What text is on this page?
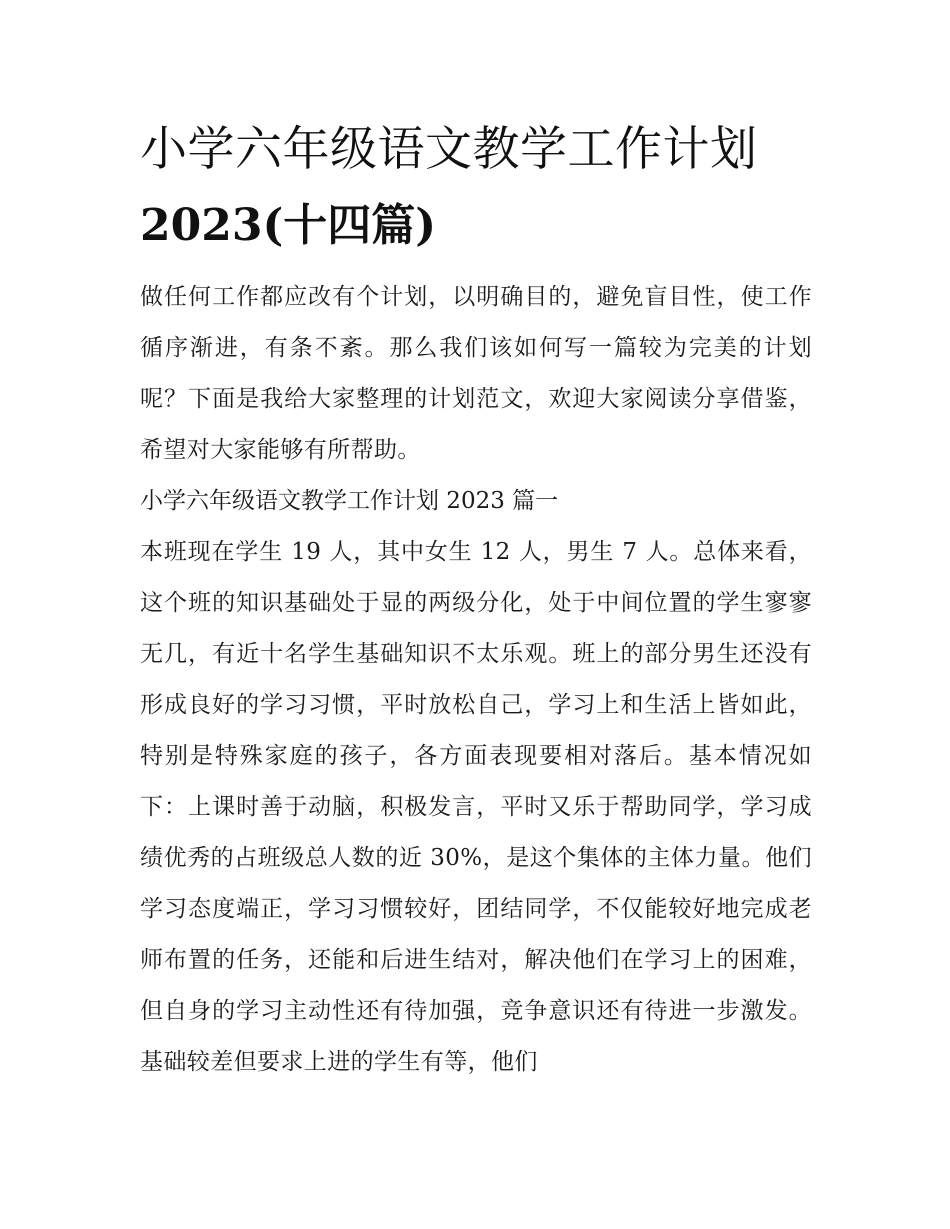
小学六年级语文教学工作计划
2023(十四篇)

做任何工作都应改有个计划，以明确目的，避免盲目性，使工作循序渐进，有条不紊。那么我们该如何写一篇较为完美的计划呢？下面是我给大家整理的计划范文，欢迎大家阅读分享借鉴，希望对大家能够有所帮助。

小学六年级语文教学工作计划 2023 篇一

本班现在学生 19 人，其中女生 12 人，男生 7 人。总体来看，这个班的知识基础处于显的两级分化，处于中间位置的学生寥寥无几，有近十名学生基础知识不太乐观。班上的部分男生还没有形成良好的学习习惯，平时放松自己，学习上和生活上皆如此，特别是特殊家庭的孩子，各方面表现要相对落后。基本情况如下：上课时善于动脑，积极发言，平时又乐于帮助同学，学习成绩优秀的占班级总人数的近 30%，是这个集体的主体力量。他们学习态度端正，学习习惯较好，团结同学，不仅能较好地完成老师布置的任务，还能和后进生结对，解决他们在学习上的困难，但自身的学习主动性还有待加强，竞争意识还有待进一步激发。基础较差但要求上进的学生有等，他们
